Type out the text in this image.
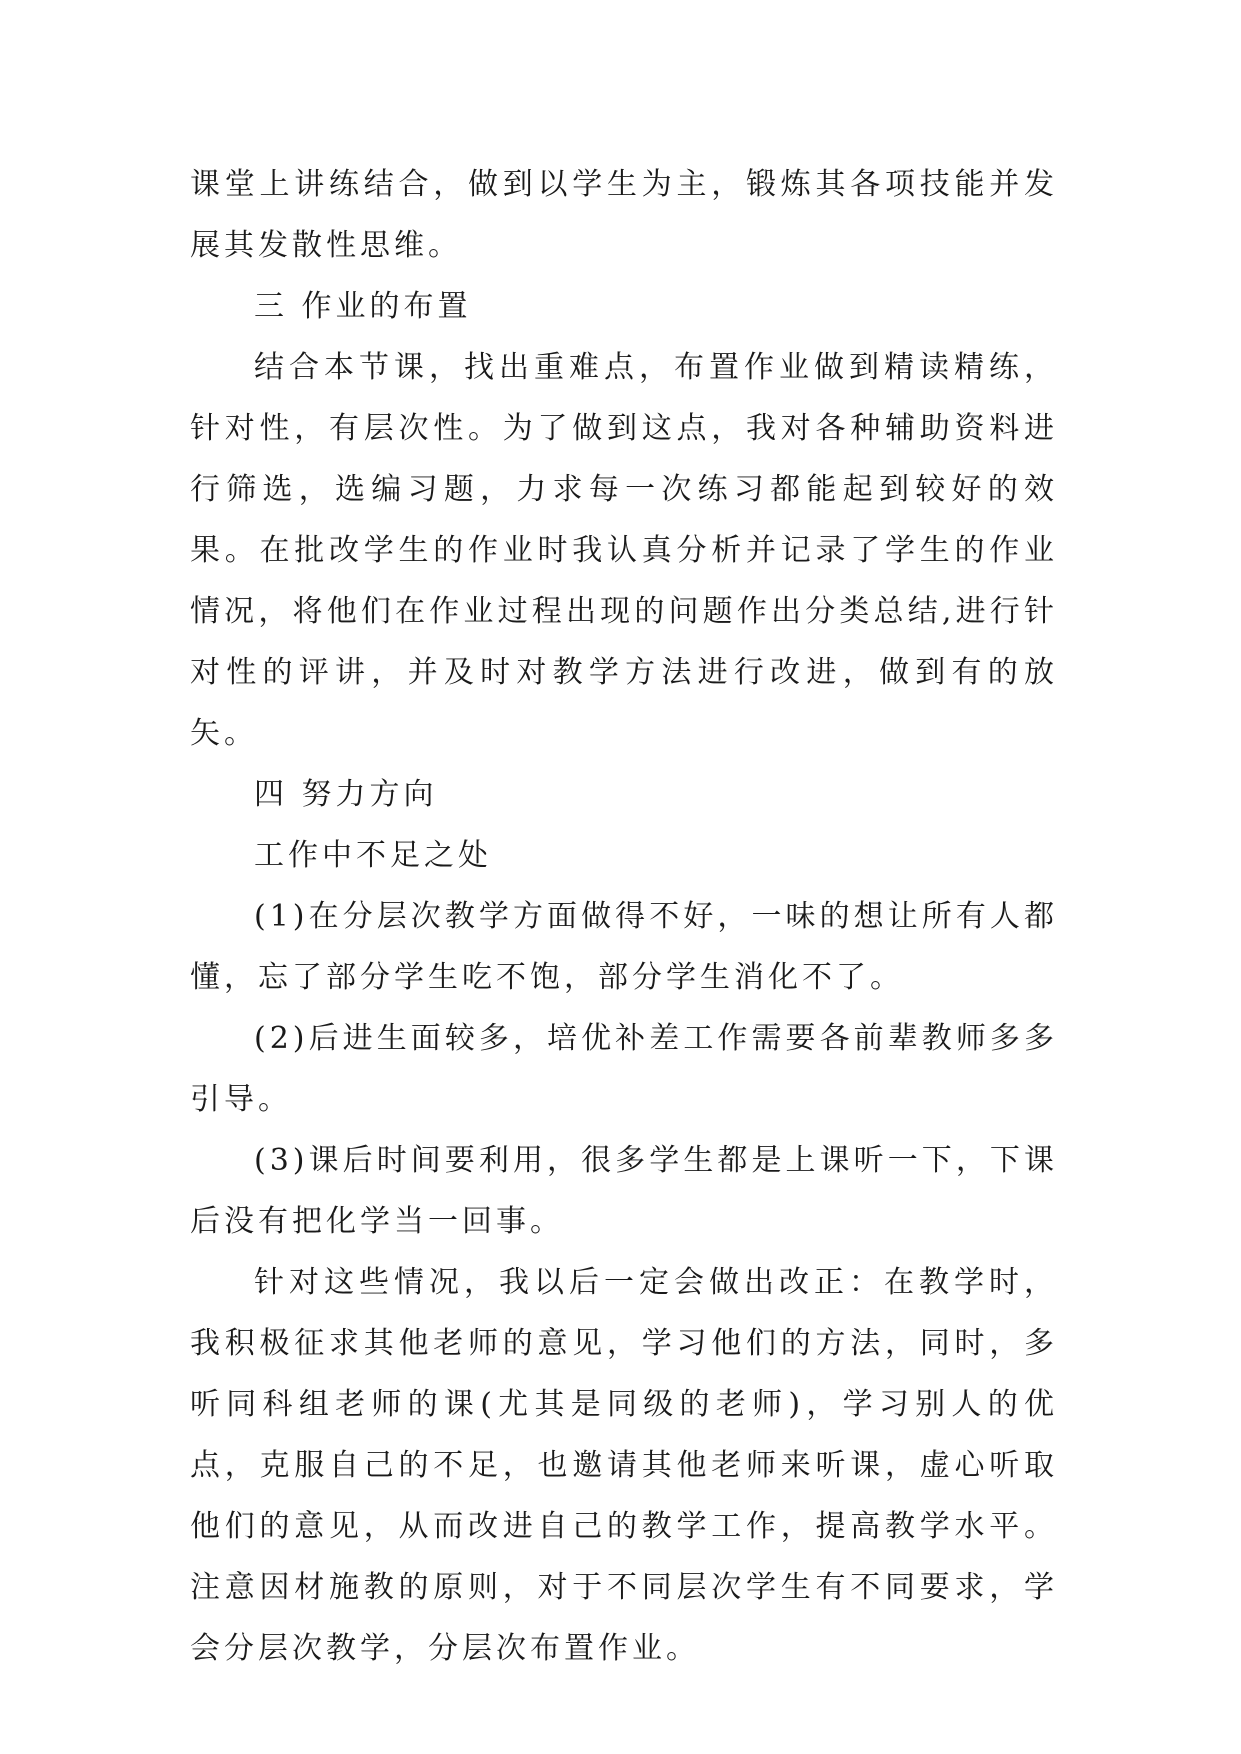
课堂上讲练结合，做到以学生为主，锻炼其各项技能并发展其发散性思维。

三 作业的布置

结合本节课，找出重难点，布置作业做到精读精练，针对性，有层次性。为了做到这点，我对各种辅助资料进行筛选，选编习题，力求每一次练习都能起到较好的效果。在批改学生的作业时我认真分析并记录了学生的作业情况，将他们在作业过程出现的问题作出分类总结,进行针对性的评讲，并及时对教学方法进行改进，做到有的放矢。

四 努力方向

工作中不足之处

(1)在分层次教学方面做得不好，一味的想让所有人都懂，忘了部分学生吃不饱，部分学生消化不了。

(2)后进生面较多，培优补差工作需要各前辈教师多多引导。

(3)课后时间要利用，很多学生都是上课听一下，下课后没有把化学当一回事。

针对这些情况，我以后一定会做出改正：在教学时，我积极征求其他老师的意见，学习他们的方法，同时，多听同科组老师的课(尤其是同级的老师)，学习别人的优点，克服自己的不足，也邀请其他老师来听课，虚心听取他们的意见，从而改进自己的教学工作，提高教学水平。注意因材施教的原则，对于不同层次学生有不同要求，学会分层次教学，分层次布置作业。
